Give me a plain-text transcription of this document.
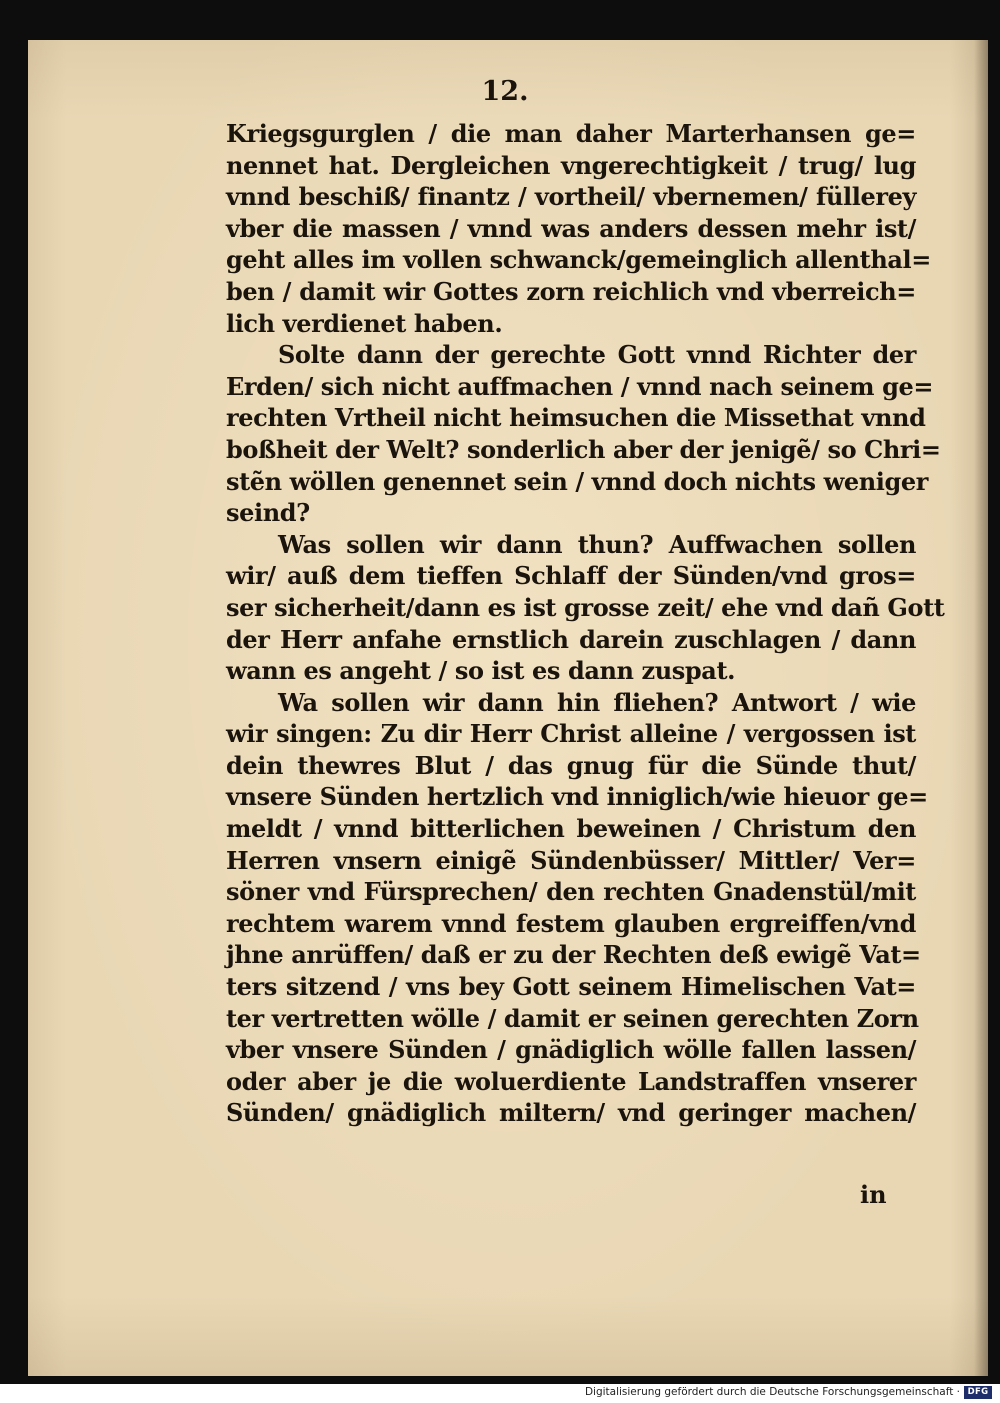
12.
Kriegsgurglen / die man daher Marterhansen ge=
nennet hat. Dergleichen vngerechtigkeit / trug/ lug
vnnd beschiß/ finantz / vortheil/ vbernemen/ füllerey
vber die massen / vnnd was anders dessen mehr ist/
geht alles im vollen schwanck/gemeinglich allenthal=
ben / damit wir Gottes zorn reichlich vnd vberreich=
lich verdienet haben.
Solte dann der gerechte Gott vnnd Richter der
Erden/ sich nicht auffmachen / vnnd nach seinem ge=
rechten Vrtheil nicht heimsuchen die Missethat vnnd
boßheit der Welt? sonderlich aber der jenigẽ/ so Chri=
stẽn wöllen genennet sein / vnnd doch nichts weniger
seind?
Was sollen wir dann thun? Auffwachen sollen
wir/ auß dem tieffen Schlaff der Sünden/vnd gros=
ser sicherheit/dann es ist grosse zeit/ ehe vnd dañ Gott
der Herr anfahe ernstlich darein zuschlagen / dann
wann es angeht / so ist es dann zuspat.
Wa sollen wir dann hin fliehen? Antwort / wie
wir singen: Zu dir Herr Christ alleine / vergossen ist
dein thewres Blut / das gnug für die Sünde thut/
vnsere Sünden hertzlich vnd inniglich/wie hieuor ge=
meldt / vnnd bitterlichen beweinen / Christum den
Herren vnsern einigẽ Sündenbüsser/ Mittler/ Ver=
söner vnd Fürsprechen/ den rechten Gnadenstül/mit
rechtem warem vnnd festem glauben ergreiffen/vnd
jhne anrüffen/ daß er zu der Rechten deß ewigẽ Vat=
ters sitzend / vns bey Gott seinem Himelischen Vat=
ter vertretten wölle / damit er seinen gerechten Zorn
vber vnsere Sünden / gnädiglich wölle fallen lassen/
oder aber je die woluerdiente Landstraffen vnserer
Sünden/ gnädiglich miltern/ vnd geringer machen/
in
Digitalisierung gefördert durch die Deutsche Forschungsgemeinschaft · DFG
